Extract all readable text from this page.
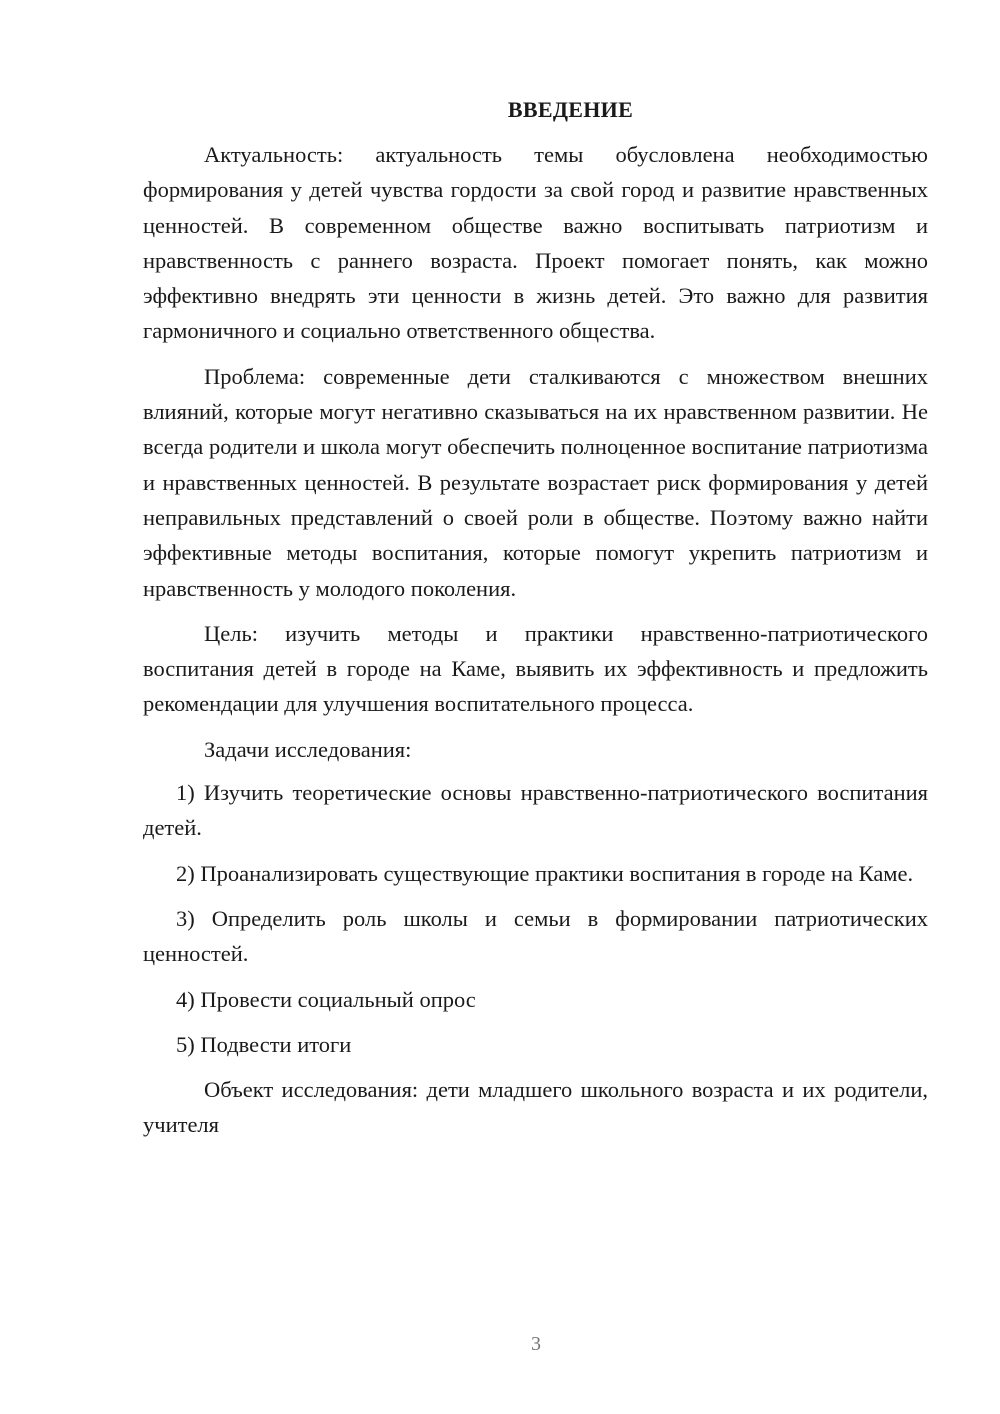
ВВЕДЕНИЕ

Актуальность: актуальность темы обусловлена необходимостью формирования у детей чувства гордости за свой город и развитие нравственных ценностей. В современном обществе важно воспитывать патриотизм и нравственность с раннего возраста. Проект помогает понять, как можно эффективно внедрять эти ценности в жизнь детей. Это важно для развития гармоничного и социально ответственного общества.

Проблема: современные дети сталкиваются с множеством внешних влияний, которые могут негативно сказываться на их нравственном развитии. Не всегда родители и школа могут обеспечить полноценное воспитание патриотизма и нравственных ценностей. В результате возрастает риск формирования у детей неправильных представлений о своей роли в обществе. Поэтому важно найти эффективные методы воспитания, которые помогут укрепить патриотизм и нравственность у молодого поколения.

Цель: изучить методы и практики нравственно-патриотического воспитания детей в городе на Каме, выявить их эффективность и предложить рекомендации для улучшения воспитательного процесса.

Задачи исследования:

1) Изучить теоретические основы нравственно-патриотического воспитания детей.

2) Проанализировать существующие практики воспитания в городе на Каме.

3) Определить роль школы и семьи в формировании патриотических ценностей.

4) Провести социальный опрос

5) Подвести итоги

Объект исследования: дети младшего школьного возраста и их родители, учителя

3
